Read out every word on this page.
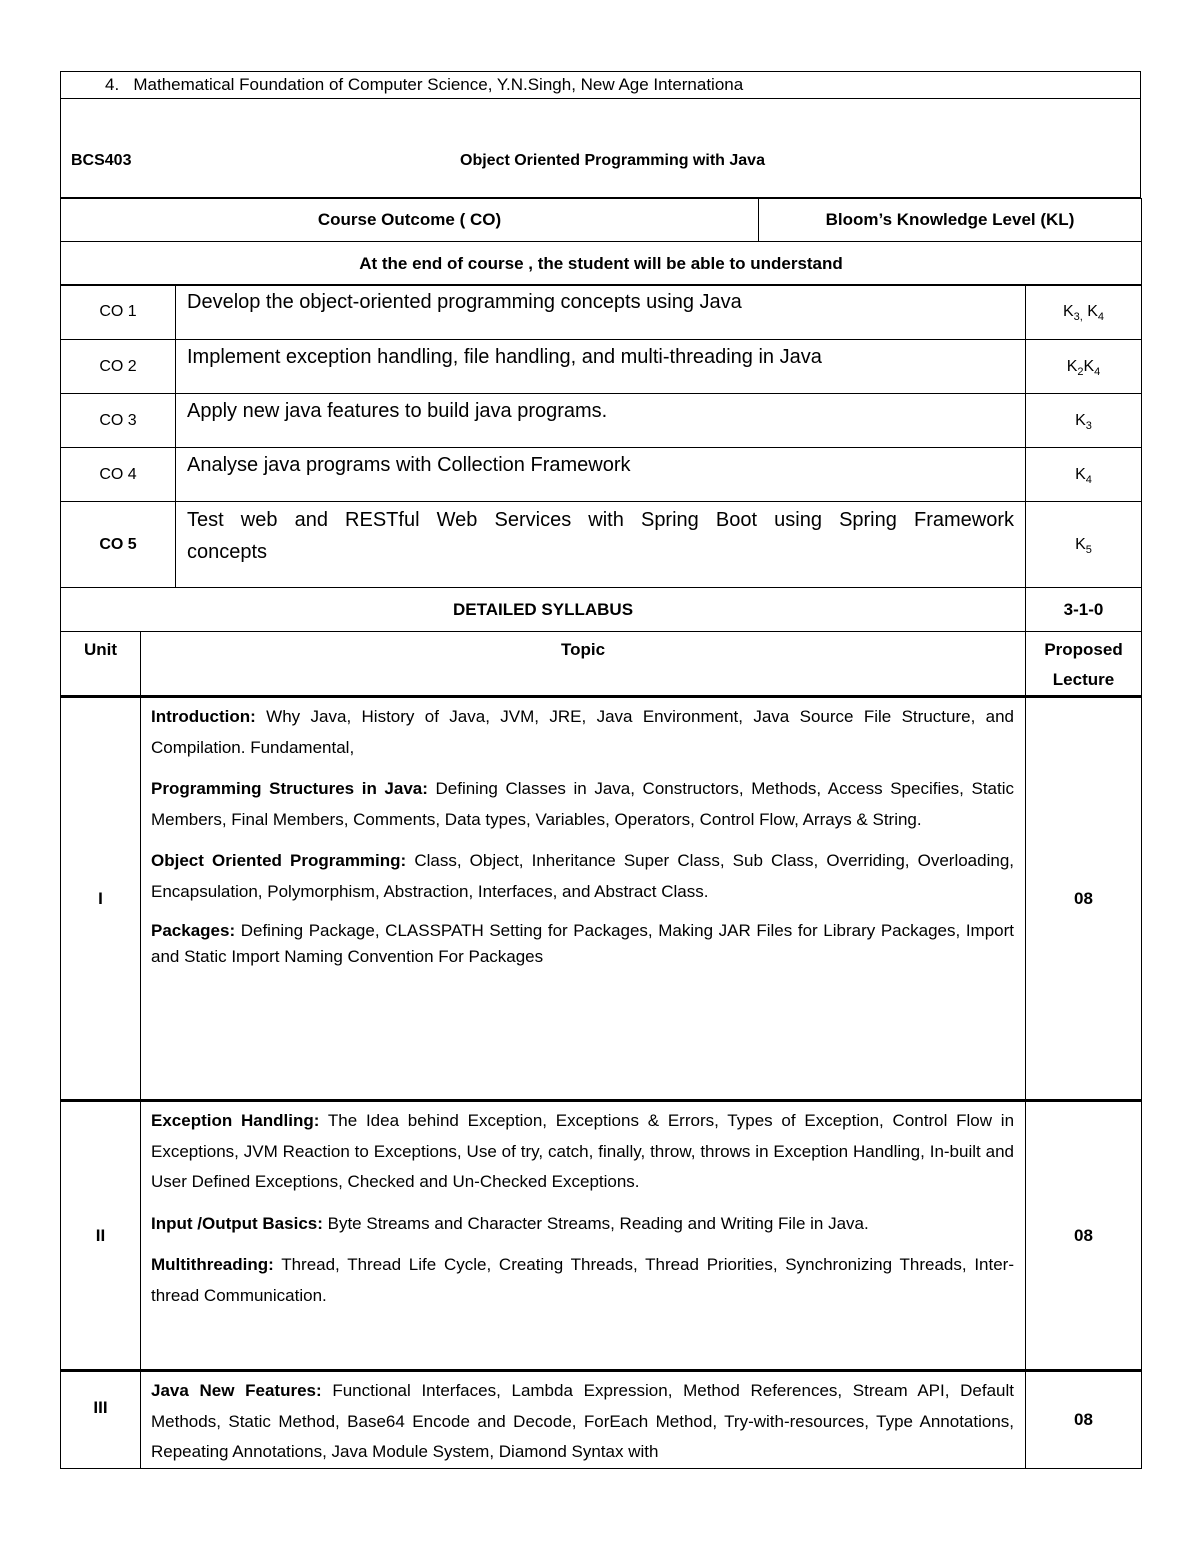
4. Mathematical Foundation of Computer Science, Y.N.Singh, New Age Internationa

BCS403	Object Oriented Programming with Java
Course Outcome ( CO)	Bloom’s Knowledge Level (KL)
At the end of course , the student will be able to understand
CO 1	Develop the object-oriented programming concepts using Java	$K_{3,}$ $K_4$
CO 2	Implement exception handling, file handling, and multi-threading in Java	$K_2K_4$
CO 3	Apply new java features to build java programs.	$K_3$
CO 4	Analyse java programs with Collection Framework	$K_4$
CO 5	Test web and RESTful Web Services with Spring Boot using Spring Framework concepts	$K_5$
DETAILED SYLLABUS		3-1-0
Unit	Topic	Proposed Lecture
I	Introduction: Why Java, History of Java, JVM, JRE, Java Environment, Java Source File Structure, and Compilation. Fundamental,

Programming Structures in Java: Defining Classes in Java, Constructors, Methods, Access Specifies, Static Members, Final Members, Comments, Data types, Variables, Operators, Control Flow, Arrays & String.

Object Oriented Programming: Class, Object, Inheritance Super Class, Sub Class, Overriding, Overloading, Encapsulation, Polymorphism, Abstraction, Interfaces, and Abstract Class.

Packages: Defining Package, CLASSPATH Setting for Packages, Making JAR Files for Library Packages, Import and Static Import Naming Convention For Packages	08
II	Exception Handling: The Idea behind Exception, Exceptions & Errors, Types of Exception, Control Flow in Exceptions, JVM Reaction to Exceptions, Use of try, catch, finally, throw, throws in Exception Handling, In-built and User Defined Exceptions, Checked and Un-Checked Exceptions.

Input /Output Basics: Byte Streams and Character Streams, Reading and Writing File in Java.

Multithreading: Thread, Thread Life Cycle, Creating Threads, Thread Priorities, Synchronizing Threads, Inter-thread Communication.	08
III	Java New Features: Functional Interfaces, Lambda Expression, Method References, Stream API, Default Methods, Static Method, Base64 Encode and Decode, ForEach Method, Try-with-resources, Type Annotations, Repeating Annotations, Java Module System, Diamond Syntax with	08
